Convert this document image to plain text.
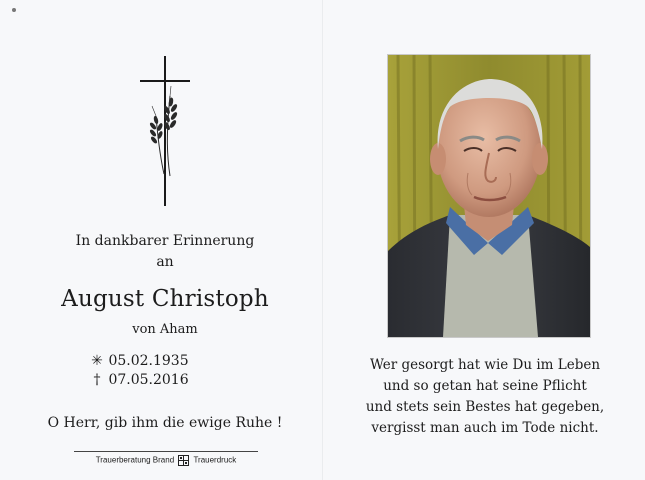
In dankbarer Erinnerung
an
August Christoph
von Aham
✳ 05.02.1935
† 07.05.2016
O Herr, gib ihm die ewige Ruhe !
Trauerberatung Brand Trauerdruck
Wer gesorgt hat wie Du im Leben
und so getan hat seine Pflicht
und stets sein Bestes hat gegeben,
vergisst man auch im Tode nicht.
